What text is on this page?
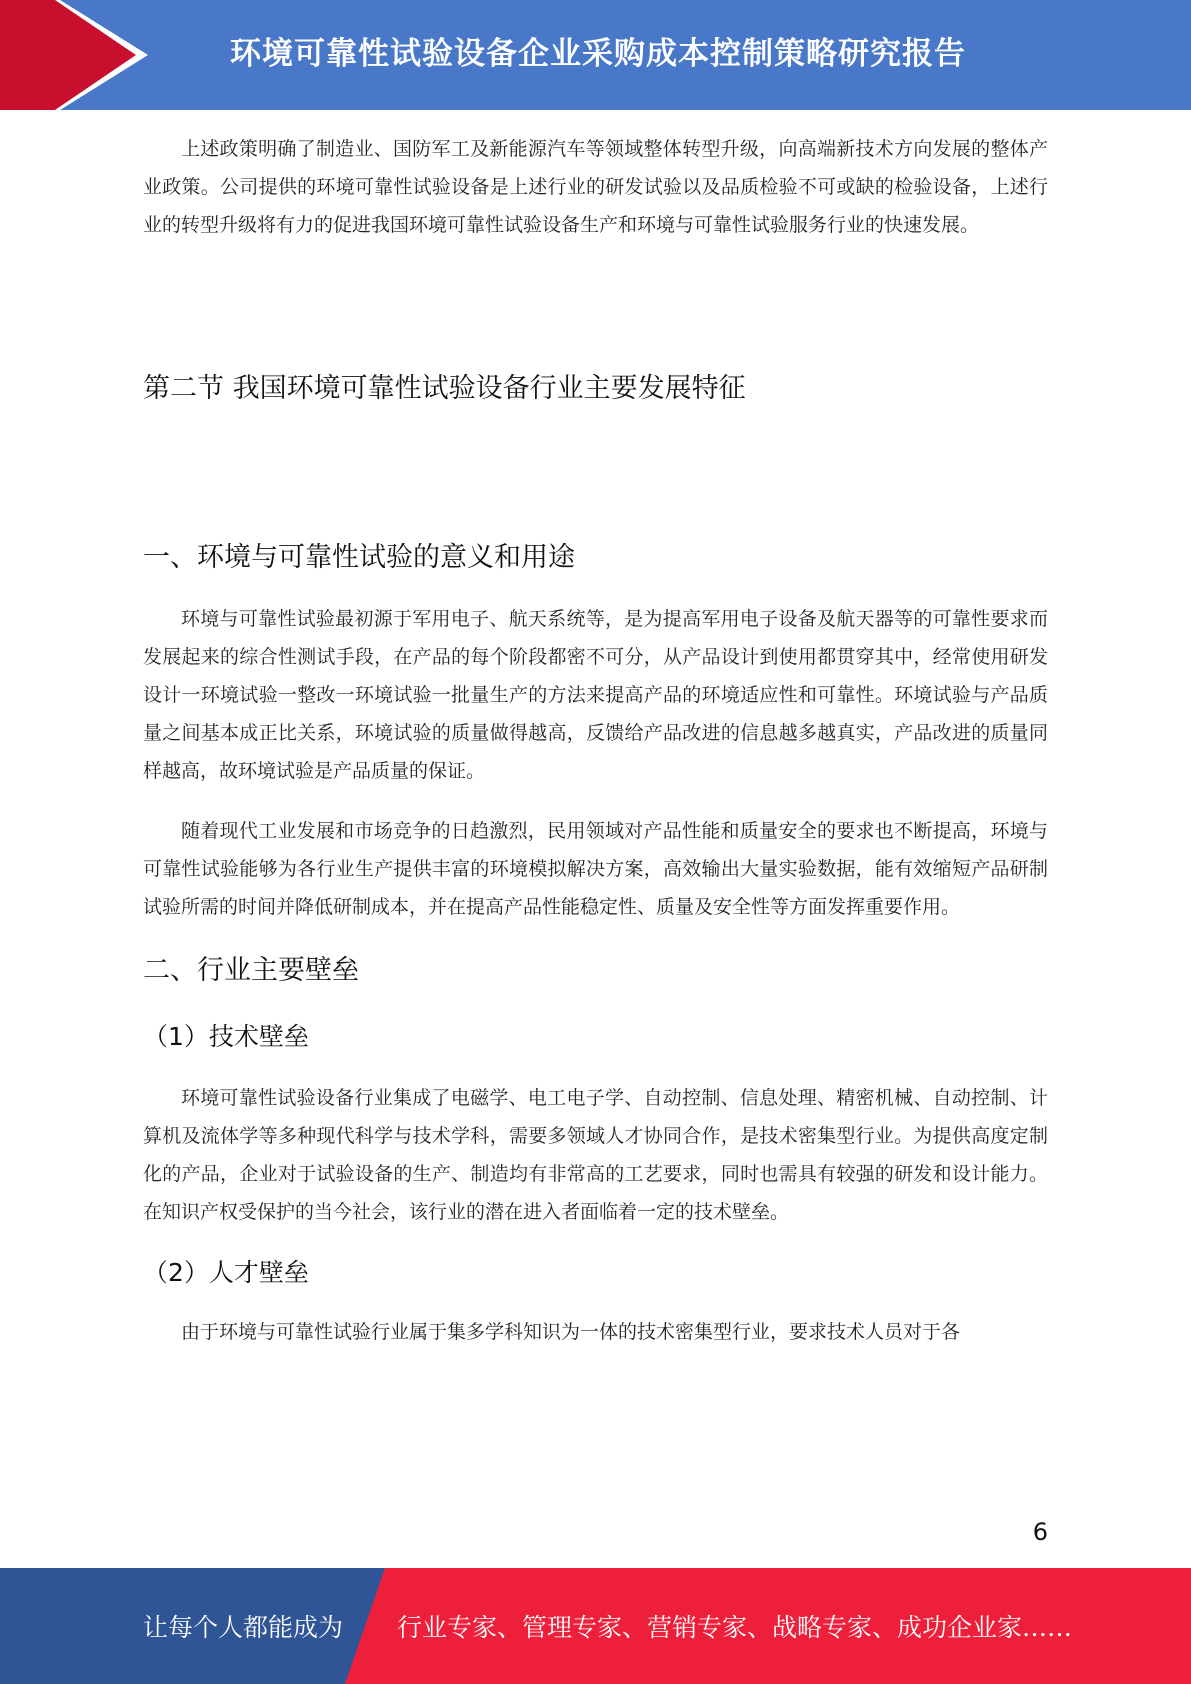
环境可靠性试验设备企业采购成本控制策略研究报告

上述政策明确了制造业、国防军工及新能源汽车等领域整体转型升级，向高端新技术方向发展的整体产业政策。公司提供的环境可靠性试验设备是上述行业的研发试验以及品质检验不可或缺的检验设备，上述行业的转型升级将有力的促进我国环境可靠性试验设备生产和环境与可靠性试验服务行业的快速发展。

第二节 我国环境可靠性试验设备行业主要发展特征
一、环境与可靠性试验的意义和用途

环境与可靠性试验最初源于军用电子、航天系统等，是为提高军用电子设备及航天器等的可靠性要求而发展起来的综合性测试手段，在产品的每个阶段都密不可分，从产品设计到使用都贯穿其中，经常使用研发设计一环境试验一整改一环境试验一批量生产的方法来提高产品的环境适应性和可靠性。环境试验与产品质量之间基本成正比关系，环境试验的质量做得越高，反馈给产品改进的信息越多越真实，产品改进的质量同样越高，故环境试验是产品质量的保证。

随着现代工业发展和市场竞争的日趋激烈，民用领域对产品性能和质量安全的要求也不断提高，环境与可靠性试验能够为各行业生产提供丰富的环境模拟解决方案，高效输出大量实验数据，能有效缩短产品研制试验所需的时间并降低研制成本，并在提高产品性能稳定性、质量及安全性等方面发挥重要作用。

二、行业主要壁垒
（1）技术壁垒

环境可靠性试验设备行业集成了电磁学、电工电子学、自动控制、信息处理、精密机械、自动控制、计算机及流体学等多种现代科学与技术学科，需要多领域人才协同合作，是技术密集型行业。为提供高度定制化的产品，企业对于试验设备的生产、制造均有非常高的工艺要求，同时也需具有较强的研发和设计能力。在知识产权受保护的当今社会，该行业的潜在进入者面临着一定的技术壁垒。

（2）人才壁垒

由于环境与可靠性试验行业属于集多学科知识为一体的技术密集型行业，要求技术人员对于各

6
让每个人都能成为 行业专家、管理专家、营销专家、战略专家、成功企业家……
